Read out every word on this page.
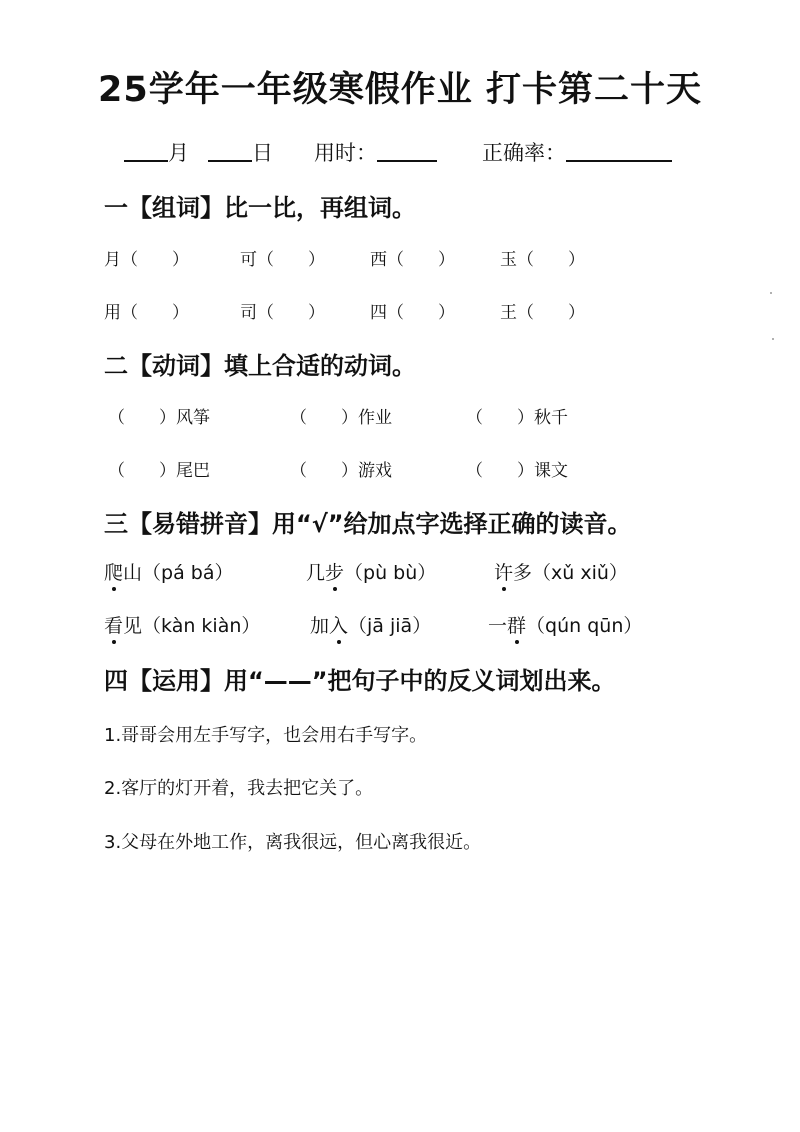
25学年一年级寒假作业 打卡第二十天
月	日 用时：	正确率：
一【组词】比一比，再组词。
月（ ）	可（ ）	西（ ）	玉（ ）
用（ ）	司（ ）	四（ ）	王（ ）
二【动词】填上合适的动词。
（ ）风筝	（ ）作业	（ ）秋千
（ ）尾巴	（ ）游戏	（ ）课文
三【易错拼音】用“√”给加点字选择正确的读音。
爬山（pá bá）	几步（pù bù）	许多（xǔ xiǔ）
看见（kàn kiàn）	加入（jā jiā）	一群（qún qūn）
四【运用】用“——”把句子中的反义词划出来。
1.哥哥会用左手写字，也会用右手写字。
2.客厅的灯开着，我去把它关了。
3.父母在外地工作，离我很远，但心离我很近。
